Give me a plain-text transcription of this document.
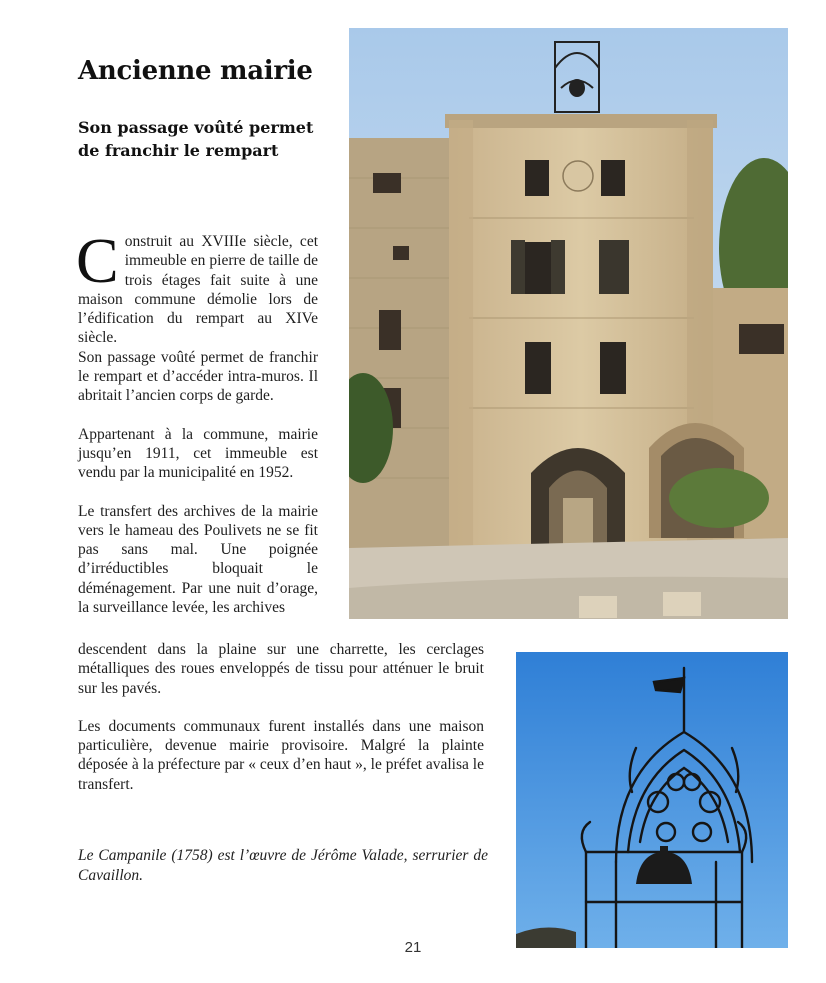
Ancienne mairie
Son passage voûté permet de franchir le rempart

Construit au XVIIIe siècle, cet immeuble en pierre de taille de trois étages fait suite à une maison commune démolie lors de l’édification du rempart au XIVe siècle.

Son passage voûté permet de franchir le rempart et d’accéder intra-muros. Il abritait l’ancien corps de garde.

Appartenant à la commune, mairie jusqu’en 1911, cet immeuble est vendu par la municipalité en 1952.

Le transfert des archives de la mairie vers le hameau des Poulivets ne se fit pas sans mal. Une poignée d’irréductibles bloquait le déménagement. Par une nuit d’orage, la surveillance levée, les archives

descendent dans la plaine sur une charrette, les cerclages métalliques des roues enveloppés de tissu pour atténuer le bruit sur les pavés.

Les documents communaux furent installés dans une maison particulière, devenue mairie provisoire. Malgré la plainte déposée à la préfecture par « ceux d’en haut », le préfet avalisa le transfert.

Le Campanile (1758) est l’œuvre de Jérôme Valade, serrurier de Cavaillon.

21
